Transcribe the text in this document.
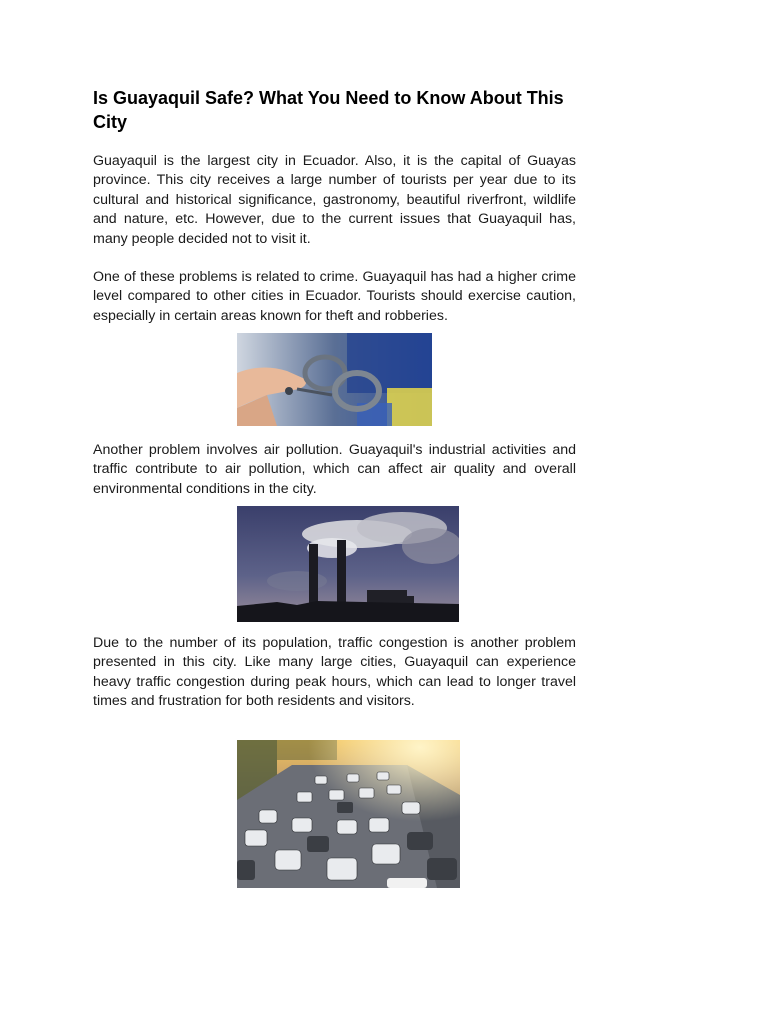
Is Guayaquil Safe? What You Need to Know About This City

Guayaquil is the largest city in Ecuador. Also, it is the capital of Guayas province. This city receives a large number of tourists per year due to its cultural and historical significance, gastronomy, beautiful riverfront, wildlife and nature, etc. However, due to the current issues that Guayaquil has, many people decided not to visit it.

One of these problems is related to crime. Guayaquil has had a higher crime level compared to other cities in Ecuador. Tourists should exercise caution, especially in certain areas known for theft and robberies.

Another problem involves air pollution. Guayaquil's industrial activities and traffic contribute to air pollution, which can affect air quality and overall environmental conditions in the city.

Due to the number of its population, traffic congestion is another problem presented in this city. Like many large cities, Guayaquil can experience heavy traffic congestion during peak hours, which can lead to longer travel times and frustration for both residents and visitors.
